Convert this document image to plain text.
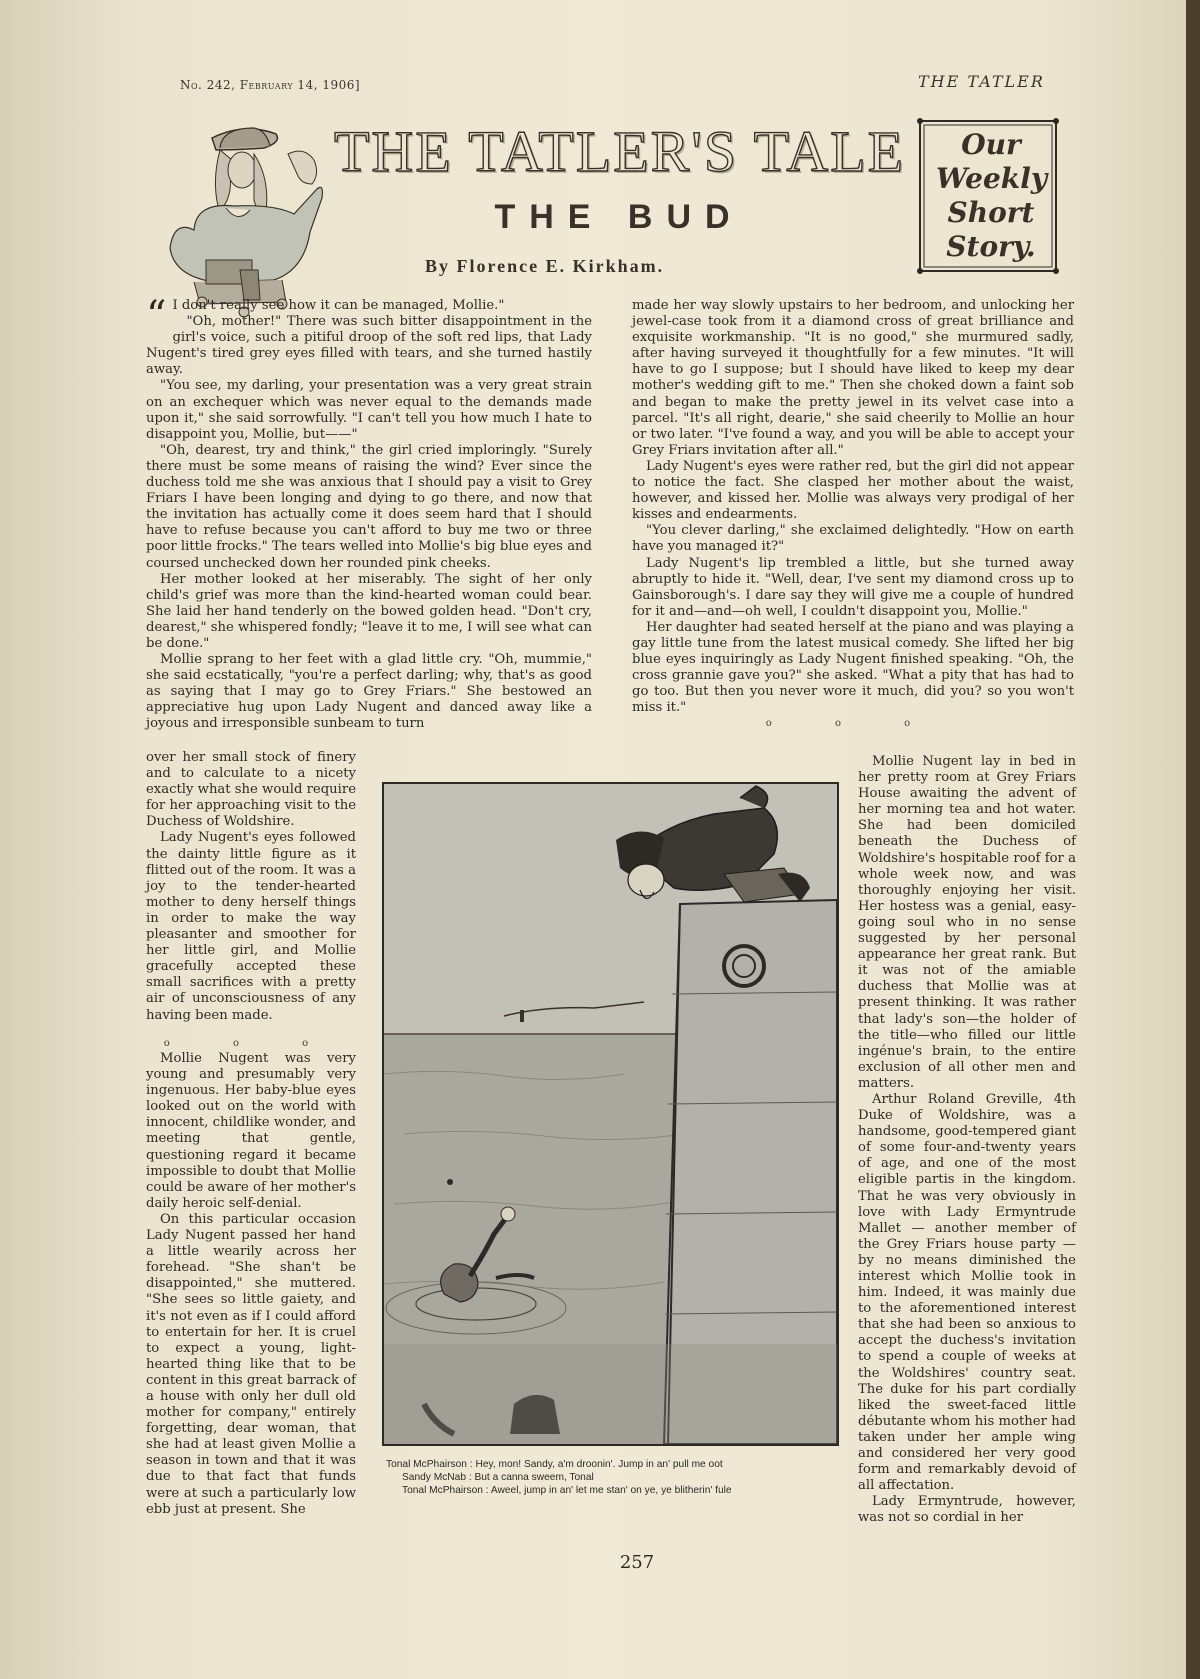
No. 242, February 14, 1906]	THE TATLER
THE TATLER'S TALE
THE BUD
By Florence E. Kirkham.
Our
Weekly
Short
Story.

“ I don't really see how it can be managed, Mollie."

"Oh, mother!" There was such bitter disappointment in the girl's voice, such a pitiful droop of the soft red lips, that Lady Nugent's tired grey eyes filled with tears, and she turned hastily away.

"You see, my darling, your presentation was a very great strain on an exchequer which was never equal to the demands made upon it," she said sorrowfully. "I can't tell you how much I hate to disappoint you, Mollie, but——"

"Oh, dearest, try and think," the girl cried imploringly. "Surely there must be some means of raising the wind? Ever since the duchess told me she was anxious that I should pay a visit to Grey Friars I have been longing and dying to go there, and now that the invitation has actually come it does seem hard that I should have to refuse because you can't afford to buy me two or three poor little frocks." The tears welled into Mollie's big blue eyes and coursed unchecked down her rounded pink cheeks.

Her mother looked at her miserably. The sight of her only child's grief was more than the kind-hearted woman could bear. She laid her hand tenderly on the bowed golden head. "Don't cry, dearest," she whispered fondly; "leave it to me, I will see what can be done."

Mollie sprang to her feet with a glad little cry. "Oh, mummie," she said ecstatically, "you're a perfect darling; why, that's as good as saying that I may go to Grey Friars." She bestowed an appreciative hug upon Lady Nugent and danced away like a joyous and irresponsible sunbeam to turn

over her small stock of finery and to calculate to a nicety exactly what she would require for her approaching visit to the Duchess of Woldshire.

Lady Nugent's eyes followed the dainty little figure as it flitted out of the room. It was a joy to the tender-hearted mother to deny herself things in order to make the way pleasanter and smoother for her little girl, and Mollie gracefully accepted these small sacrifices with a pretty air of unconsciousness of any having been made.

o o o

Mollie Nugent was very young and presumably very ingenuous. Her baby-blue eyes looked out on the world with innocent, childlike wonder, and meeting that gentle, questioning regard it became impossible to doubt that Mollie could be aware of her mother's daily heroic self-denial.

On this particular occasion Lady Nugent passed her hand a little wearily across her forehead. "She shan't be disappointed," she muttered. "She sees so little gaiety, and it's not even as if I could afford to entertain for her. It is cruel to expect a young, light-hearted thing like that to be content in this great barrack of a house with only her dull old mother for company," entirely forgetting, dear woman, that she had at least given Mollie a season in town and that it was due to that fact that funds were at such a particularly low ebb just at present. She

made her way slowly upstairs to her bedroom, and unlocking her jewel-case took from it a diamond cross of great brilliance and exquisite workmanship. "It is no good," she murmured sadly, after having surveyed it thoughtfully for a few minutes. "It will have to go I suppose; but I should have liked to keep my dear mother's wedding gift to me." Then she choked down a faint sob and began to make the pretty jewel in its velvet case into a parcel. "It's all right, dearie," she said cheerily to Mollie an hour or two later. "I've found a way, and you will be able to accept your Grey Friars invitation after all."

Lady Nugent's eyes were rather red, but the girl did not appear to notice the fact. She clasped her mother about the waist, however, and kissed her. Mollie was always very prodigal of her kisses and endearments.

"You clever darling," she exclaimed delightedly. "How on earth have you managed it?"

Lady Nugent's lip trembled a little, but she turned away abruptly to hide it. "Well, dear, I've sent my diamond cross up to Gainsborough's. I dare say they will give me a couple of hundred for it and—and—oh well, I couldn't disappoint you, Mollie."

Her daughter had seated herself at the piano and was playing a gay little tune from the latest musical comedy. She lifted her big blue eyes inquiringly as Lady Nugent finished speaking. "Oh, the cross grannie gave you?" she asked. "What a pity that has had to go too. But then you never wore it much, did you? so you won't miss it."

o o o

Mollie Nugent lay in bed in her pretty room at Grey Friars House awaiting the advent of her morning tea and hot water. She had been domiciled beneath the Duchess of Woldshire's hospitable roof for a whole week now, and was thoroughly enjoying her visit. Her hostess was a genial, easy-going soul who in no sense suggested by her personal appearance her great rank. But it was not of the amiable duchess that Mollie was at present thinking. It was rather that lady's son—the holder of the title—who filled our little ingénue's brain, to the entire exclusion of all other men and matters.

Arthur Roland Greville, 4th Duke of Woldshire, was a handsome, good-tempered giant of some four-and-twenty years of age, and one of the most eligible partis in the kingdom. That he was very obviously in love with Lady Ermyntrude Mallet — another member of the Grey Friars house party — by no means diminished the interest which Mollie took in him. Indeed, it was mainly due to the aforementioned interest that she had been so anxious to accept the duchess's invitation to spend a couple of weeks at the Woldshires' country seat. The duke for his part cordially liked the sweet-faced little débutante whom his mother had taken under her ample wing and considered her very good form and remarkably devoid of all affectation.

Lady Ermyntrude, however, was not so cordial in her

Tonal McPhairson : Hey, mon! Sandy, a'm droonin'. Jump in an' pull me oot

Sandy McNab : But a canna sweem, Tonal

Tonal McPhairson : Aweel, jump in an' let me stan' on ye, ye blitherin' fule

257
